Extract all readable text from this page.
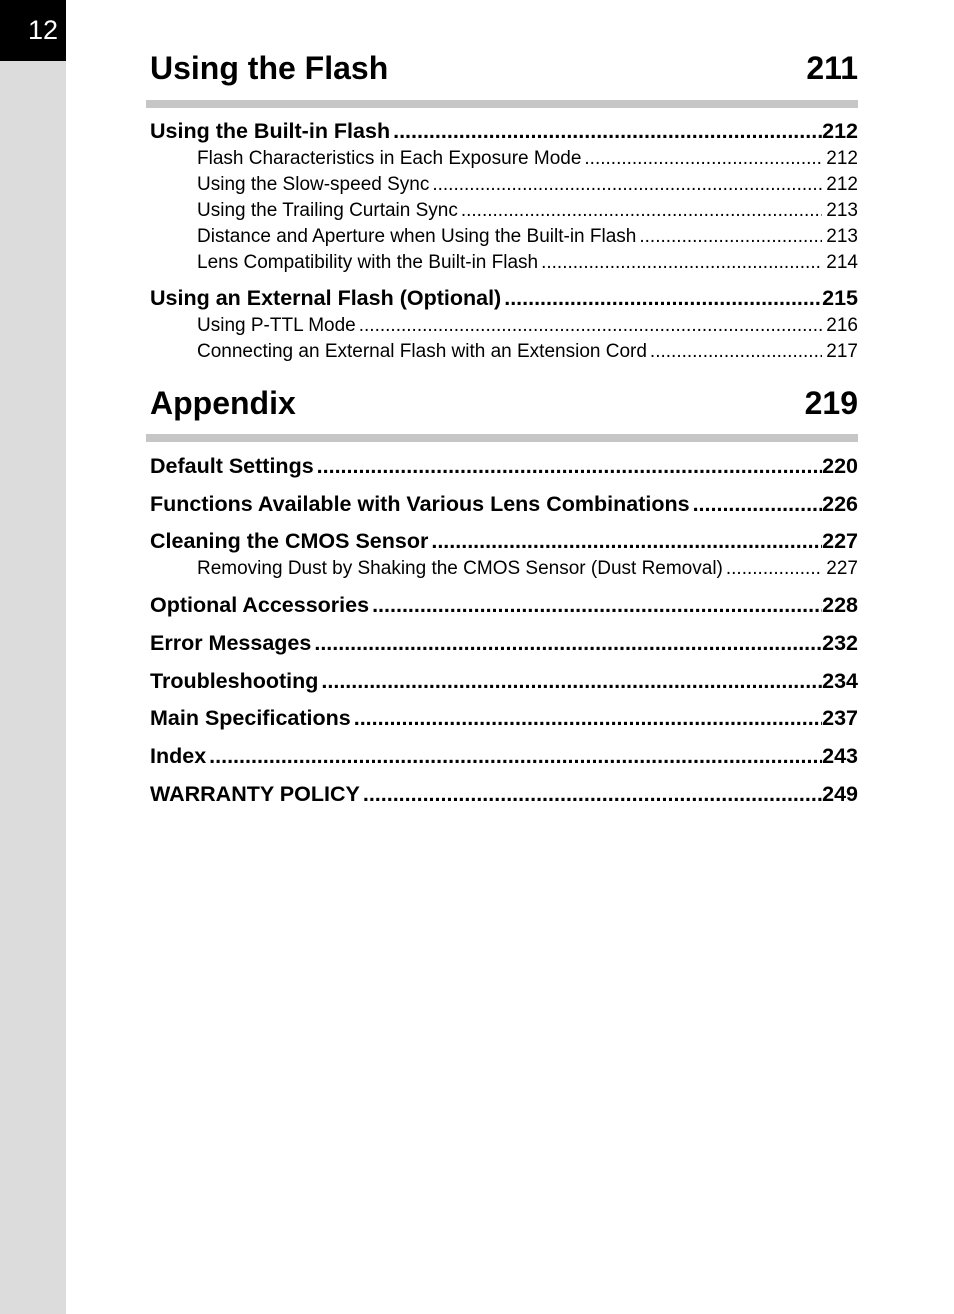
12
Using the Flash	211
Using the Built-in Flash .....	212
Flash Characteristics in Each Exposure Mode .....	212
Using the Slow-speed Sync .....	212
Using the Trailing Curtain Sync .....	213
Distance and Aperture when Using the Built-in Flash .....	213
Lens Compatibility with the Built-in Flash .....	214
Using an External Flash (Optional) .....	215
Using P-TTL Mode .....	216
Connecting an External Flash with an Extension Cord .....	217
Appendix	219
Default Settings .....	220
Functions Available with Various Lens Combinations .....	226
Cleaning the CMOS Sensor .....	227
Removing Dust by Shaking the CMOS Sensor (Dust Removal) .....	227
Optional Accessories .....	228
Error Messages .....	232
Troubleshooting .....	234
Main Specifications .....	237
Index .....	243
WARRANTY POLICY .....	249
